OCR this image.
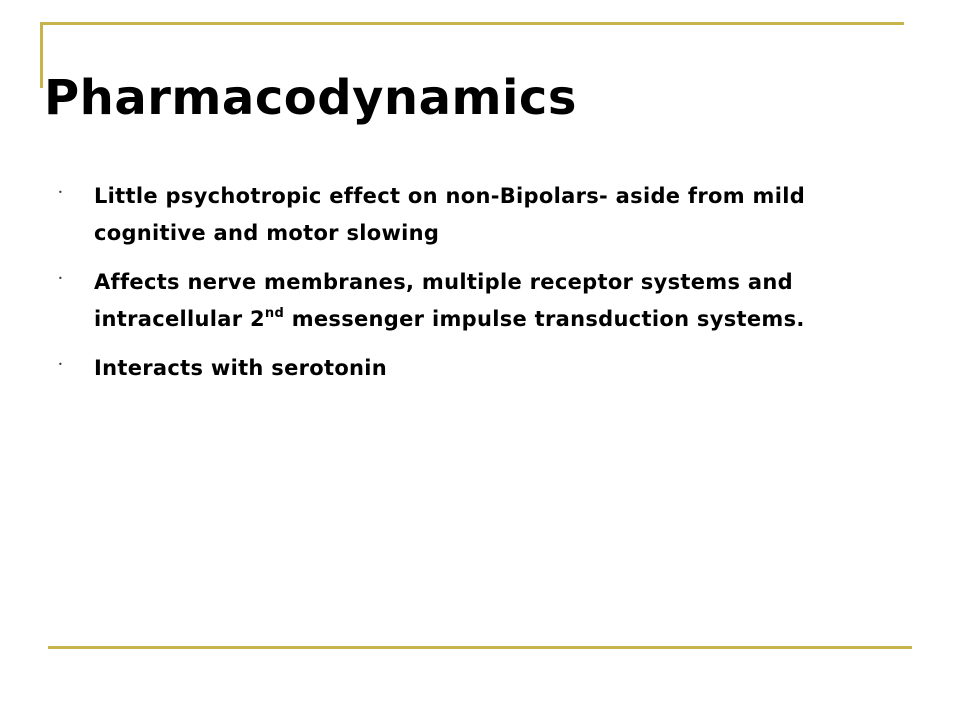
Pharmacodynamics
• Little psychotropic effect on non-Bipolars- aside from mild cognitive and motor slowing
• Affects nerve membranes, multiple receptor systems and intracellular 2nd messenger impulse transduction systems.
• Interacts with serotonin
